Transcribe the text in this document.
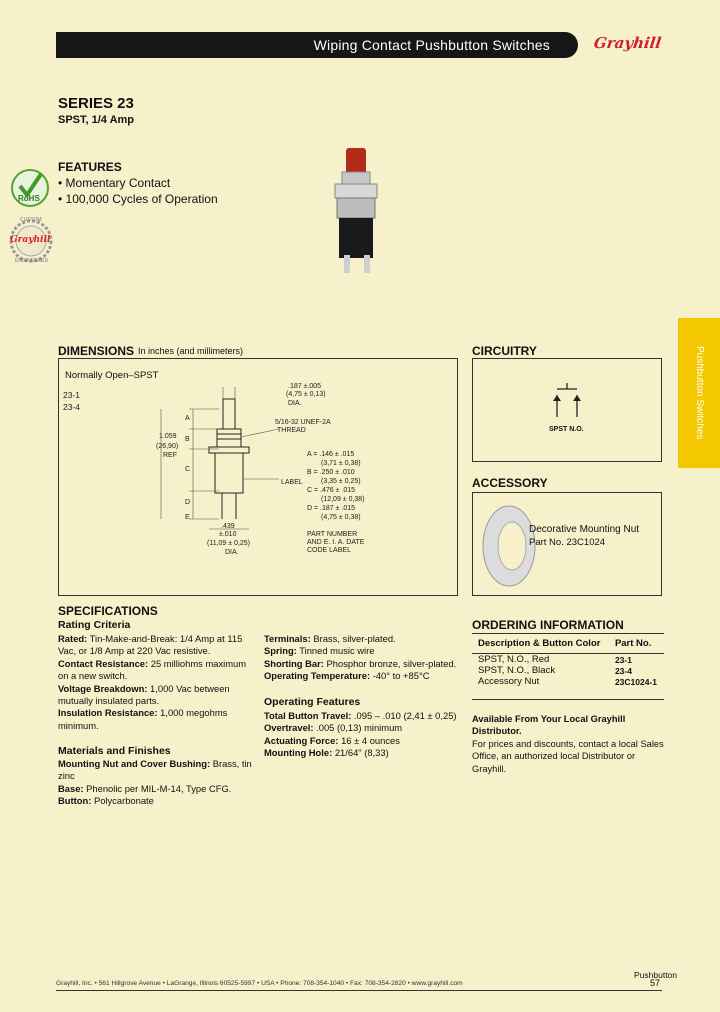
Wiping Contact Pushbutton Switches	Grayhill
SERIES 23
SPST, 1/4 Amp
RoHS
CUSTOM
Grayhill
ENGINEERED
FEATURES
• Momentary Contact
• 100,000 Cycles of Operation
Pushbutton Switches
DIMENSIONS In inches (and millimeters)
Normally Open–SPST
23-1
23-4
.187 ±.005
(4,75 ± 0,13)
DIA.
5/16-32 UNEF-2A
THREAD
1.059
(26,90)
REF
A
B
C
D
E
LABEL
A = .146 ± .015
(3,71 ± 0,38)
B = .250 ± .010
(3,35 ± 0,25)
C = .476 ± .015
(12,09 ± 0,38)
D = .187 ± .015
(4,75 ± 0,38)
.439
±.010
(11,09 ± 0,25)
DIA.
PART NUMBER
AND E. I. A. DATE
CODE LABEL
CIRCUITRY
SPST N.O.
ACCESSORY
Decorative Mounting Nut
Part No. 23C1024
SPECIFICATIONS
Rating Criteria
Rated: Tin-Make-and-Break: 1/4 Amp at 115 Vac, or 1/8 Amp at 220 Vac resistive.
Contact Resistance: 25 milliohms maximum on a new switch.
Voltage Breakdown: 1,000 Vac between mutually insulated parts.
Insulation Resistance: 1,000 megohms minimum.
Materials and Finishes
Mounting Nut and Cover Bushing: Brass, tin zinc
Base: Phenolic per MIL-M-14, Type CFG.
Button: Polycarbonate
Terminals: Brass, silver-plated.
Spring: Tinned music wire
Shorting Bar: Phosphor bronze, silver-plated.
Operating Temperature: -40° to +85°C
Operating Features
Total Button Travel: .095 – .010 (2,41 ± 0,25)
Overtravel: .005 (0,13) minimum
Actuating Force: 16 ± 4 ounces
Mounting Hole: 21/64" (8,33)
ORDERING INFORMATION
Description & Button Color	Part No.
SPST, N.O., Red	23-1
SPST, N.O., Black	23-4
Accessory Nut	23C1024-1
Available From Your Local Grayhill Distributor.
For prices and discounts, contact a local Sales Office, an authorized local Distributor or Grayhill.
Pushbutton
Grayhill, Inc. • 561 Hillgrove Avenue • LaGrange, Illinois 60525-5997 • USA • Phone: 708-354-1040 • Fax: 708-354-2820 • www.grayhill.com	57
